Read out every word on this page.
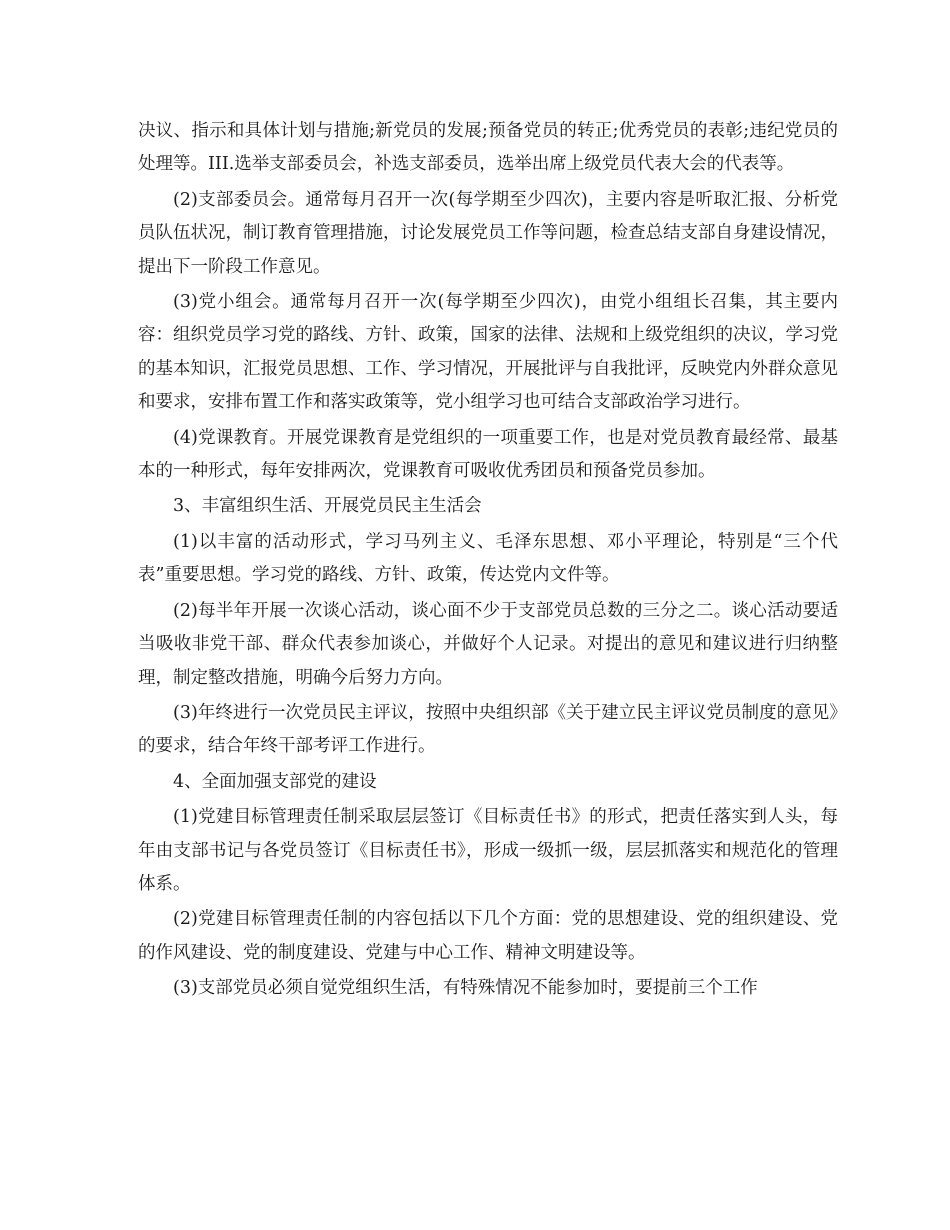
决议、指示和具体计划与措施;新党员的发展;预备党员的转正;优秀党员的表彰;违纪党员的处理等。III.选举支部委员会，补选支部委员，选举出席上级党员代表大会的代表等。

(2)支部委员会。通常每月召开一次(每学期至少四次)，主要内容是听取汇报、分析党员队伍状况，制订教育管理措施，讨论发展党员工作等问题，检查总结支部自身建设情况，提出下一阶段工作意见。

(3)党小组会。通常每月召开一次(每学期至少四次)，由党小组组长召集，其主要内容：组织党员学习党的路线、方针、政策，国家的法律、法规和上级党组织的决议，学习党的基本知识，汇报党员思想、工作、学习情况，开展批评与自我批评，反映党内外群众意见和要求，安排布置工作和落实政策等，党小组学习也可结合支部政治学习进行。

(4)党课教育。开展党课教育是党组织的一项重要工作，也是对党员教育最经常、最基本的一种形式，每年安排两次，党课教育可吸收优秀团员和预备党员参加。

3、丰富组织生活、开展党员民主生活会

(1)以丰富的活动形式，学习马列主义、毛泽东思想、邓小平理论，特别是“三个代表”重要思想。学习党的路线、方针、政策，传达党内文件等。

(2)每半年开展一次谈心活动，谈心面不少于支部党员总数的三分之二。谈心活动要适当吸收非党干部、群众代表参加谈心，并做好个人记录。对提出的意见和建议进行归纳整理，制定整改措施，明确今后努力方向。

(3)年终进行一次党员民主评议，按照中央组织部《关于建立民主评议党员制度的意见》的要求，结合年终干部考评工作进行。

4、全面加强支部党的建设

(1)党建目标管理责任制采取层层签订《目标责任书》的形式，把责任落实到人头，每年由支部书记与各党员签订《目标责任书》，形成一级抓一级，层层抓落实和规范化的管理体系。

(2)党建目标管理责任制的内容包括以下几个方面：党的思想建设、党的组织建设、党的作风建设、党的制度建设、党建与中心工作、精神文明建设等。

(3)支部党员必须自觉党组织生活，有特殊情况不能参加时，要提前三个工作
